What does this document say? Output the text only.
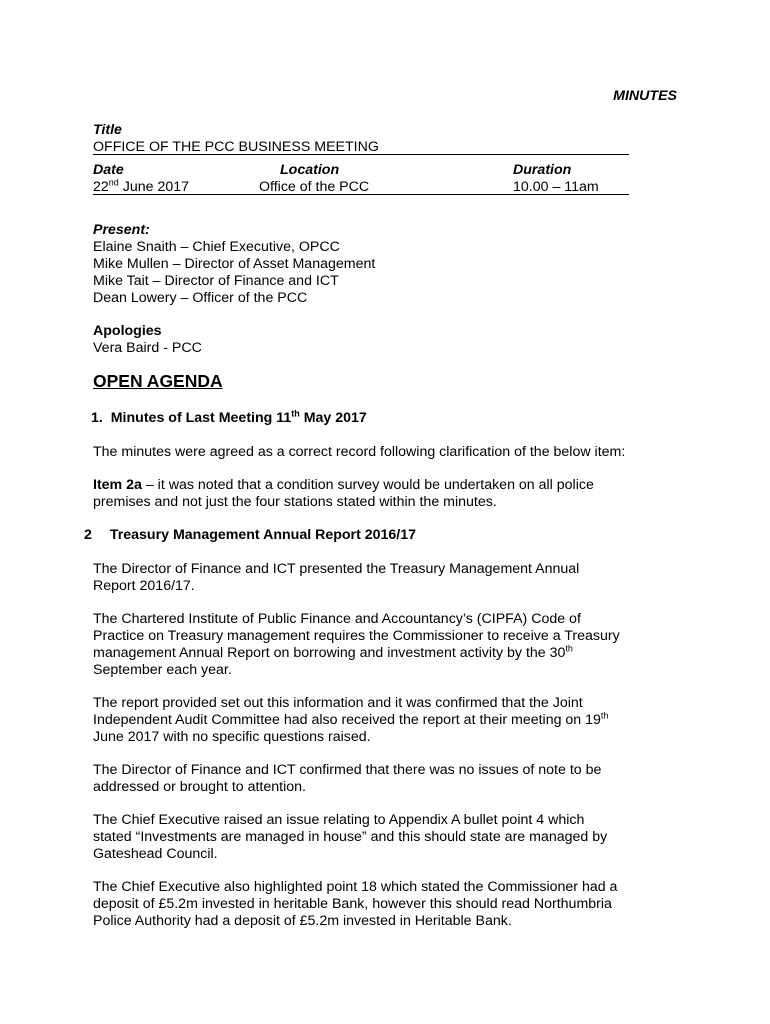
MINUTES
Title
OFFICE OF THE PCC BUSINESS MEETING
Date	Location	Duration
22nd June 2017	Office of the PCC	10.00 – 11am
Present:
Elaine Snaith – Chief Executive, OPCC
Mike Mullen – Director of Asset Management
Mike Tait – Director of Finance and ICT
Dean Lowery – Officer of the PCC
Apologies
Vera Baird - PCC
OPEN AGENDA
1. Minutes of Last Meeting 11th May 2017
The minutes were agreed as a correct record following clarification of the below item:
Item 2a – it was noted that a condition survey would be undertaken on all police
premises and not just the four stations stated within the minutes.
2 Treasury Management Annual Report 2016/17
The Director of Finance and ICT presented the Treasury Management Annual
Report 2016/17.
The Chartered Institute of Public Finance and Accountancy’s (CIPFA) Code of
Practice on Treasury management requires the Commissioner to receive a Treasury
management Annual Report on borrowing and investment activity by the 30th
September each year.
The report provided set out this information and it was confirmed that the Joint
Independent Audit Committee had also received the report at their meeting on 19th
June 2017 with no specific questions raised.
The Director of Finance and ICT confirmed that there was no issues of note to be
addressed or brought to attention.
The Chief Executive raised an issue relating to Appendix A bullet point 4 which
stated “Investments are managed in house” and this should state are managed by
Gateshead Council.
The Chief Executive also highlighted point 18 which stated the Commissioner had a
deposit of £5.2m invested in heritable Bank, however this should read Northumbria
Police Authority had a deposit of £5.2m invested in Heritable Bank.
